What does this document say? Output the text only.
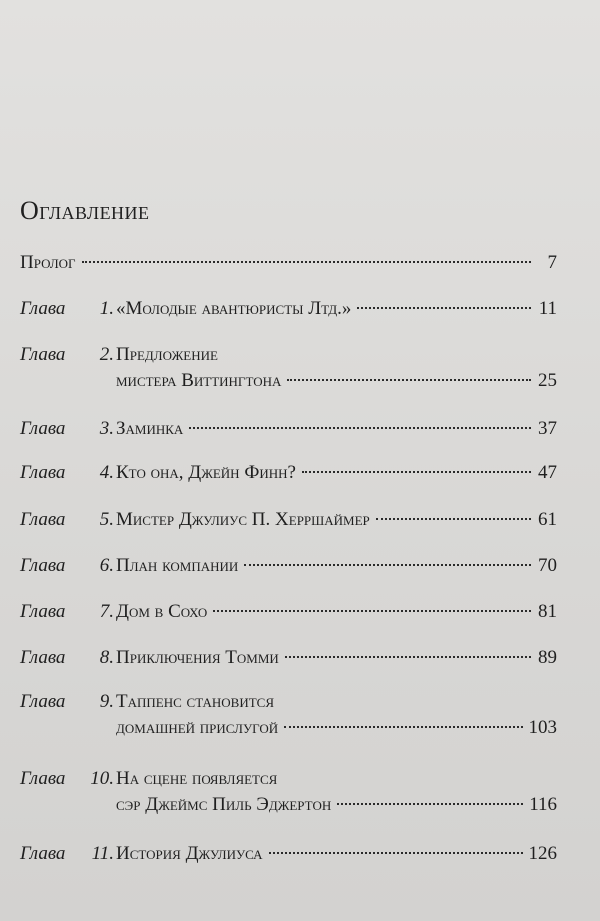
Оглавление
Пролог	7
Глава	1. «Молодые авантюристы Лтд.»	11
Глава	2. Предложение
мистера Виттингтона	25
Глава	3. Заминка	37
Глава	4. Кто она, Джейн Финн?	47
Глава	5. Мистер Джулиус П. Херршаймер	61
Глава	6. План компании	70
Глава	7. Дом в Сохо	81
Глава	8. Приключения Томми	89
Глава	9. Таппенс становится
домашней прислугой	103
Глава	10. На сцене появляется
сэр Джеймс Пиль Эджертон	116
Глава	11. История Джулиуса	126
